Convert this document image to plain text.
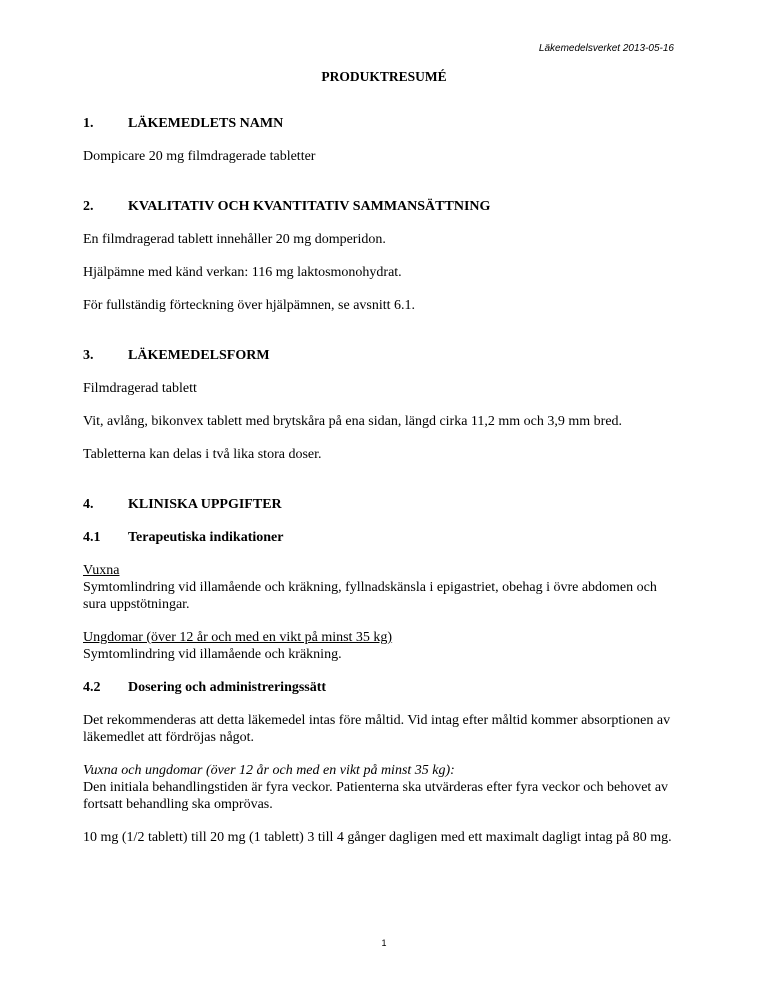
Läkemedelsverket 2013-05-16
PRODUKTRESUMÉ
1.	LÄKEMEDLETS NAMN

Dompicare 20 mg filmdragerade tabletter

2.	KVALITATIV OCH KVANTITATIV SAMMANSÄTTNING

En filmdragerad tablett innehåller 20 mg domperidon.

Hjälpämne med känd verkan: 116 mg laktosmonohydrat.

För fullständig förteckning över hjälpämnen, se avsnitt 6.1.

3.	LÄKEMEDELSFORM

Filmdragerad tablett

Vit, avlång, bikonvex tablett med brytskåra på ena sidan, längd cirka 11,2 mm och 3,9 mm bred.

Tabletterna kan delas i två lika stora doser.

4.	KLINISKA UPPGIFTER
4.1	Terapeutiska indikationer

Vuxna

Symtomlindring vid illamående och kräkning, fyllnadskänsla i epigastriet, obehag i övre abdomen och sura uppstötningar.

Ungdomar (över 12 år och med en vikt på minst 35 kg)

Symtomlindring vid illamående och kräkning.

4.2	Dosering och administreringssätt

Det rekommenderas att detta läkemedel intas före måltid. Vid intag efter måltid kommer absorptionen av läkemedlet att fördröjas något.

Vuxna och ungdomar (över 12 år och med en vikt på minst 35 kg):

Den initiala behandlingstiden är fyra veckor. Patienterna ska utvärderas efter fyra veckor och behovet av fortsatt behandling ska omprövas.

10 mg (1/2 tablett) till 20 mg (1 tablett) 3 till 4 gånger dagligen med ett maximalt dagligt intag på 80 mg.

1
